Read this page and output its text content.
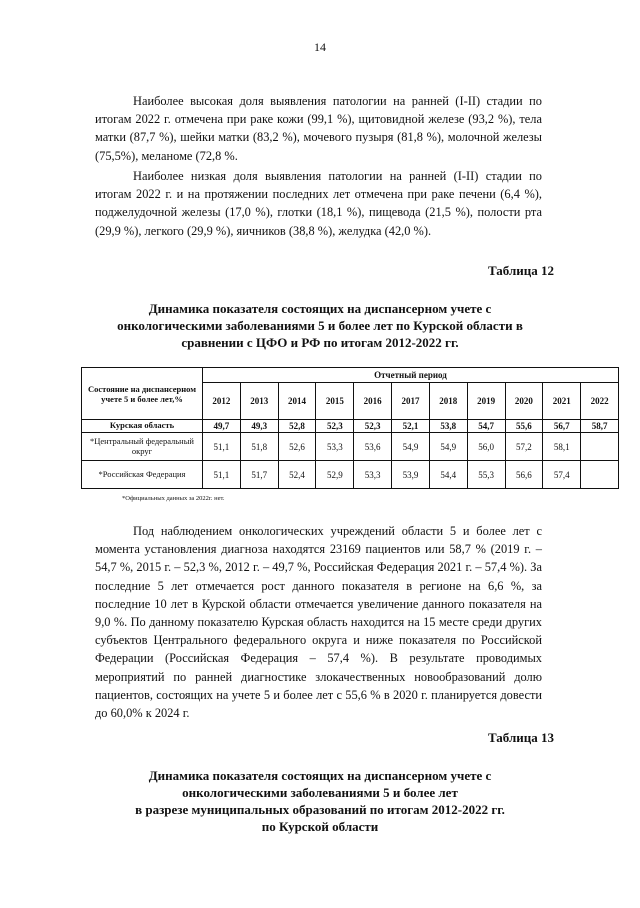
14

Наиболее высокая доля выявления патологии на ранней (I-II) стадии по итогам 2022 г. отмечена при раке кожи (99,1 %), щитовидной железе (93,2 %), тела матки (87,7 %), шейки матки (83,2 %), мочевого пузыря (81,8 %), молочной железы (75,5%), меланоме (72,8 %.

Наиболее низкая доля выявления патологии на ранней (I-II) стадии по итогам 2022 г. и на протяжении последних лет отмечена при раке печени (6,4 %), поджелудочной железы (17,0 %), глотки (18,1 %), пищевода (21,5 %), полости рта (29,9 %), легкого (29,9 %), яичников (38,8 %), желудка (42,0 %).

Таблица 12

Динамика показателя состоящих на диспансерном учете с онкологическими заболеваниями 5 и более лет по Курской области в сравнении с ЦФО и РФ по итогам 2012-2022 гг.

Состояние на диспансерном учете 5 и более лет,%	Отчетный период										
	2012	2013	2014	2015	2016	2017	2018	2019	2020	2021	2022
Курская область	49,7	49,3	52,8	52,3	52,3	52,1	53,8	54,7	55,6	56,7	58,7
*Центральный федеральный округ	51,1	51,8	52,6	53,3	53,6	54,9	54,9	56,0	57,2	58,1	
*Российская Федерация	51,1	51,7	52,4	52,9	53,3	53,9	54,4	55,3	56,6	57,4	
*Официальных данных за 2022г. нет.

Под наблюдением онкологических учреждений области 5 и более лет с момента установления диагноза находятся 23169 пациентов или 58,7 % (2019 г. – 54,7 %, 2015 г. – 52,3 %, 2012 г. – 49,7 %, Российская Федерация 2021 г. – 57,4 %). За последние 5 лет отмечается рост данного показателя в регионе на 6,6 %, за последние 10 лет в Курской области отмечается увеличение данного показателя на 9,0 %. По данному показателю Курская область находится на 15 месте среди других субъектов Центрального федерального округа и ниже показателя по Российской Федерации (Российская Федерация – 57,4 %). В результате проводимых мероприятий по ранней диагностике злокачественных новообразований долю пациентов, состоящих на учете 5 и более лет с 55,6 % в 2020 г. планируется довести до 60,0% к 2024 г.

Таблица 13
Динамика показателя состоящих на диспансерном учете с
онкологическими заболеваниями 5 и более лет
в разрезе муниципальных образований по итогам 2012-2022 гг.
по Курской области
